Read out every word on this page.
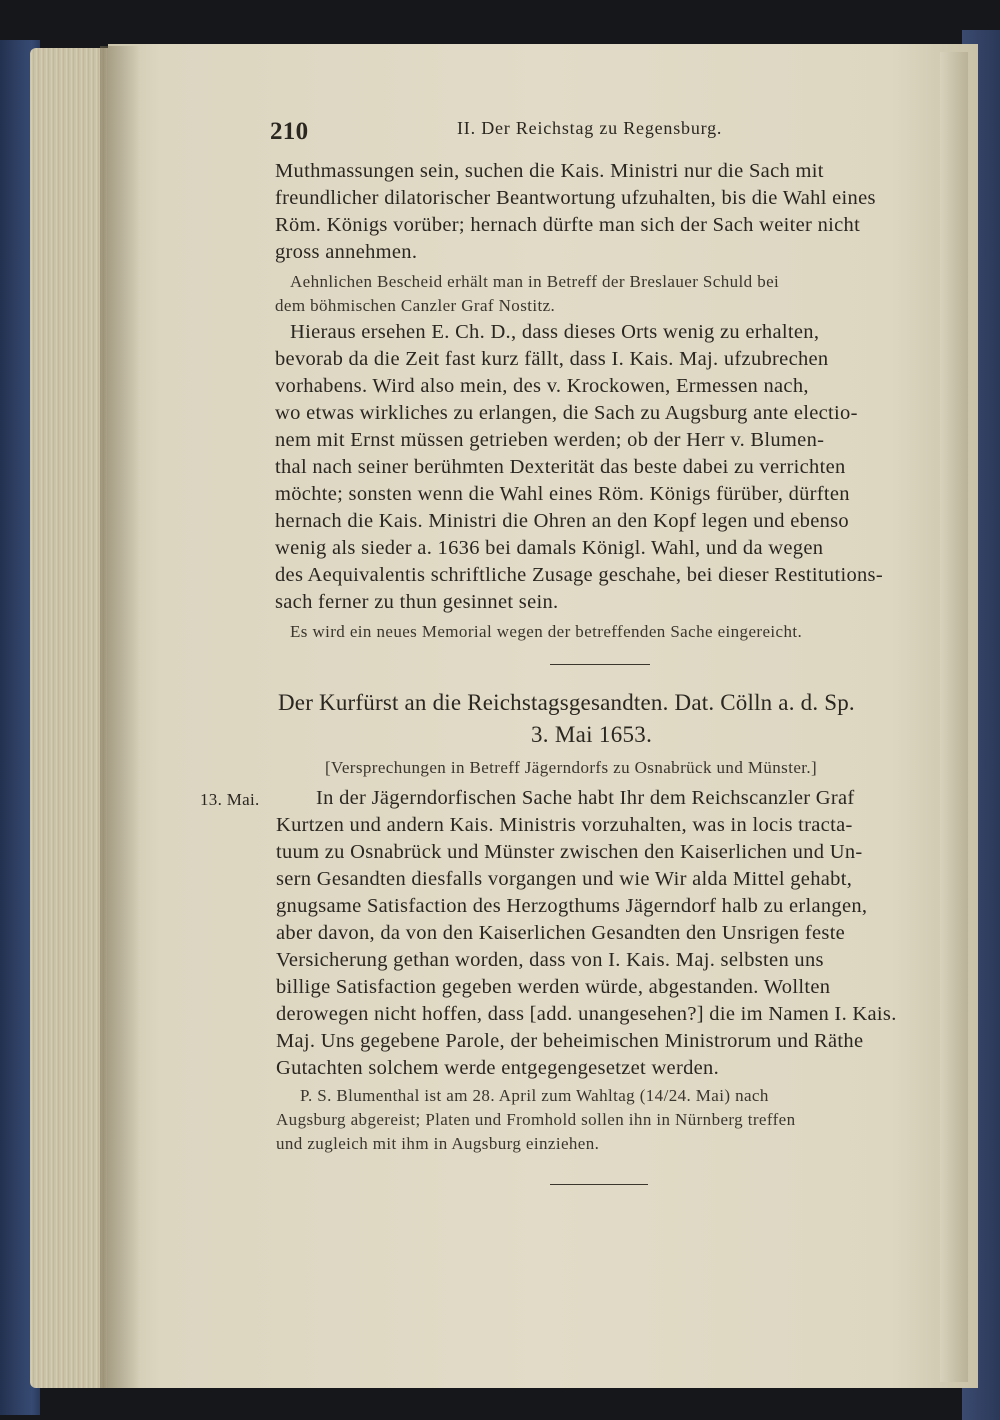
210	II. Der Reichstag zu Regensburg.
Muthmassungen sein, suchen die Kais. Ministri nur die Sach mit
freundlicher dilatorischer Beantwortung ufzuhalten, bis die Wahl eines
Röm. Königs vorüber; hernach dürfte man sich der Sach weiter nicht
gross annehmen.
Aehnlichen Bescheid erhält man in Betreff der Breslauer Schuld bei
dem böhmischen Canzler Graf Nostitz.
Hieraus ersehen E. Ch. D., dass dieses Orts wenig zu erhalten,
bevorab da die Zeit fast kurz fällt, dass I. Kais. Maj. ufzubrechen
vorhabens. Wird also mein, des v. Krockowen, Ermessen nach,
wo etwas wirkliches zu erlangen, die Sach zu Augsburg ante electio-
nem mit Ernst müssen getrieben werden; ob der Herr v. Blumen-
thal nach seiner berühmten Dexterität das beste dabei zu verrichten
möchte; sonsten wenn die Wahl eines Röm. Königs fürüber, dürften
hernach die Kais. Ministri die Ohren an den Kopf legen und ebenso
wenig als sieder a. 1636 bei damals Königl. Wahl, und da wegen
des Aequivalentis schriftliche Zusage geschahe, bei dieser Restitutions-
sach ferner zu thun gesinnet sein.
Es wird ein neues Memorial wegen der betreffenden Sache eingereicht.
Der Kurfürst an die Reichstagsgesandten. Dat. Cölln a. d. Sp.
3. Mai 1653.
[Versprechungen in Betreff Jägerndorfs zu Osnabrück und Münster.]
13. Mai.	In der Jägerndorfischen Sache habt Ihr dem Reichscanzler Graf
Kurtzen und andern Kais. Ministris vorzuhalten, was in locis tracta-
tuum zu Osnabrück und Münster zwischen den Kaiserlichen und Un-
sern Gesandten diesfalls vorgangen und wie Wir alda Mittel gehabt,
gnugsame Satisfaction des Herzogthums Jägerndorf halb zu erlangen,
aber davon, da von den Kaiserlichen Gesandten den Unsrigen feste
Versicherung gethan worden, dass von I. Kais. Maj. selbsten uns
billige Satisfaction gegeben werden würde, abgestanden. Wollten
derowegen nicht hoffen, dass [add. unangesehen?] die im Namen I. Kais.
Maj. Uns gegebene Parole, der beheimischen Ministrorum und Räthe
Gutachten solchem werde entgegengesetzet werden.
P. S. Blumenthal ist am 28. April zum Wahltag (14/24. Mai) nach
Augsburg abgereist; Platen und Fromhold sollen ihn in Nürnberg treffen
und zugleich mit ihm in Augsburg einziehen.
